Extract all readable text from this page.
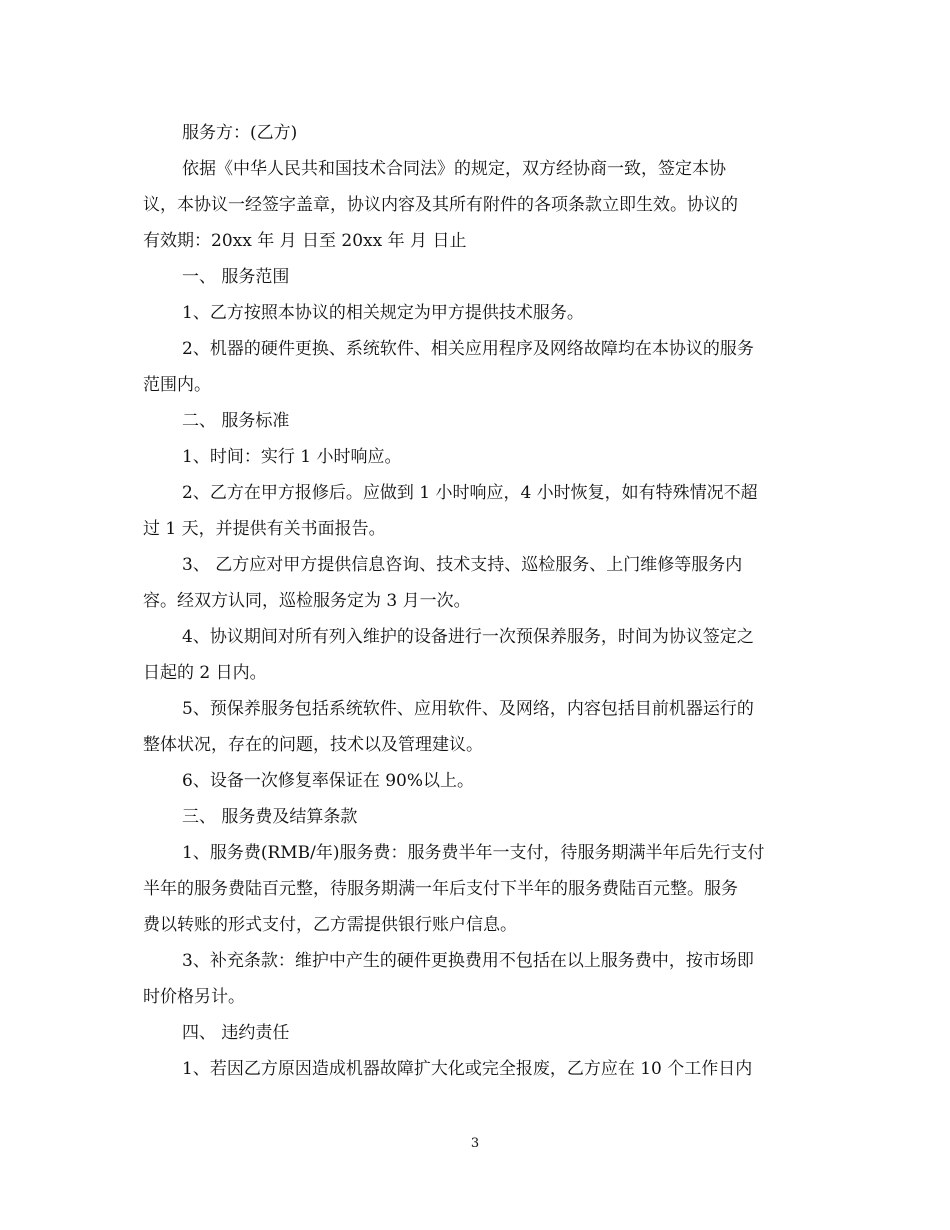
服务方：(乙方)
依据《中华人民共和国技术合同法》的规定，双方经协商一致，签定本协
议，本协议一经签字盖章，协议内容及其所有附件的各项条款立即生效。协议的
有效期：20xx 年 月 日至 20xx 年 月 日止
一、 服务范围
1、乙方按照本协议的相关规定为甲方提供技术服务。
2、机器的硬件更换、系统软件、相关应用程序及网络故障均在本协议的服务
范围内。
二、 服务标准
1、时间：实行 1 小时响应。
2、乙方在甲方报修后。应做到 1 小时响应，4 小时恢复，如有特殊情况不超
过 1 天，并提供有关书面报告。
3、 乙方应对甲方提供信息咨询、技术支持、巡检服务、上门维修等服务内
容。经双方认同，巡检服务定为 3 月一次。
4、协议期间对所有列入维护的设备进行一次预保养服务，时间为协议签定之
日起的 2 日内。
5、预保养服务包括系统软件、应用软件、及网络，内容包括目前机器运行的
整体状况，存在的问题，技术以及管理建议。
6、设备一次修复率保证在 90%以上。
三、 服务费及结算条款
1、服务费(RMB/年)服务费：服务费半年一支付，待服务期满半年后先行支付
半年的服务费陆百元整，待服务期满一年后支付下半年的服务费陆百元整。服务
费以转账的形式支付，乙方需提供银行账户信息。
3、补充条款：维护中产生的硬件更换费用不包括在以上服务费中，按市场即
时价格另计。
四、 违约责任
1、若因乙方原因造成机器故障扩大化或完全报废，乙方应在 10 个工作日内
3
